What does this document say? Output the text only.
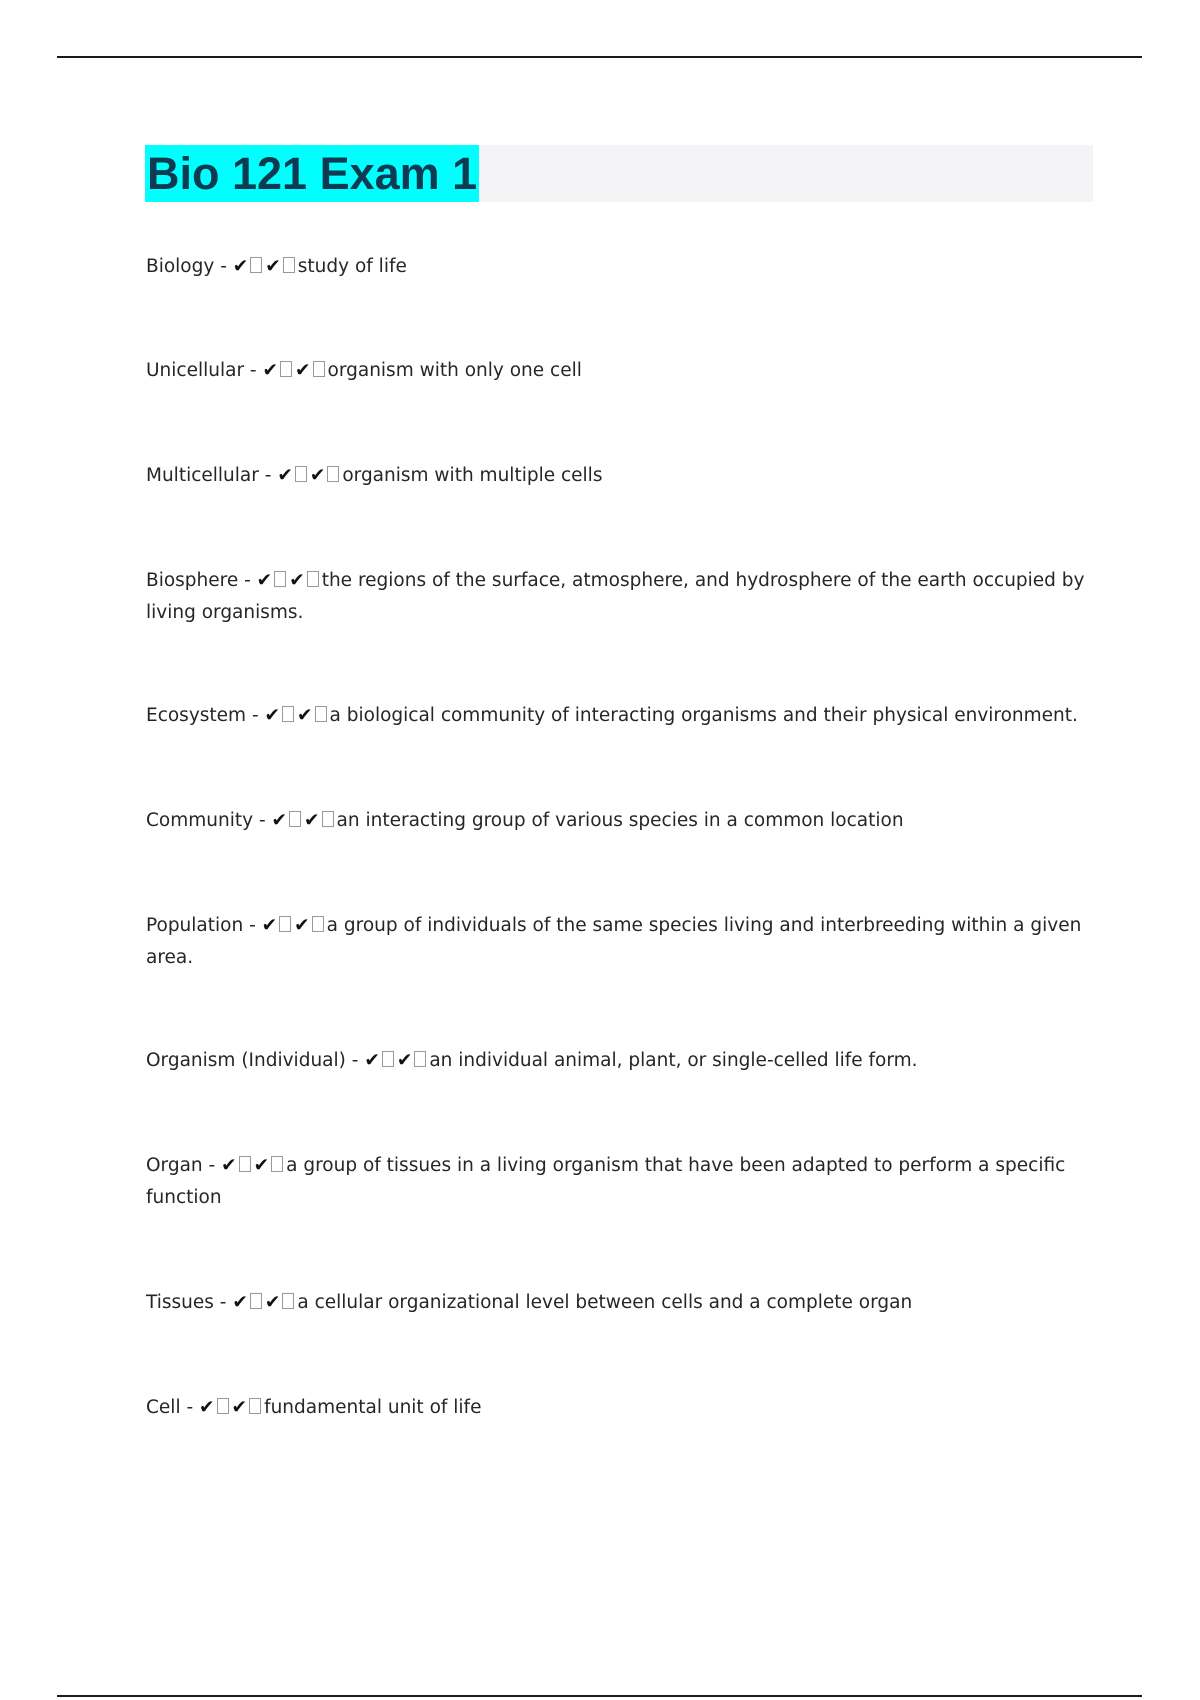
Bio 121 Exam 1
Biology - ✔ ✔ study of life
Unicellular - ✔ ✔ organism with only one cell
Multicellular - ✔ ✔ organism with multiple cells
Biosphere - ✔ ✔ the regions of the surface, atmosphere, and hydrosphere of the earth occupied by living organisms.
Ecosystem - ✔ ✔ a biological community of interacting organisms and their physical environment.
Community - ✔ ✔ an interacting group of various species in a common location
Population - ✔ ✔ a group of individuals of the same species living and interbreeding within a given area.
Organism (Individual) - ✔ ✔ an individual animal, plant, or single-celled life form.
Organ - ✔ ✔ a group of tissues in a living organism that have been adapted to perform a specific function
Tissues - ✔ ✔ a cellular organizational level between cells and a complete organ
Cell - ✔ ✔ fundamental unit of life
